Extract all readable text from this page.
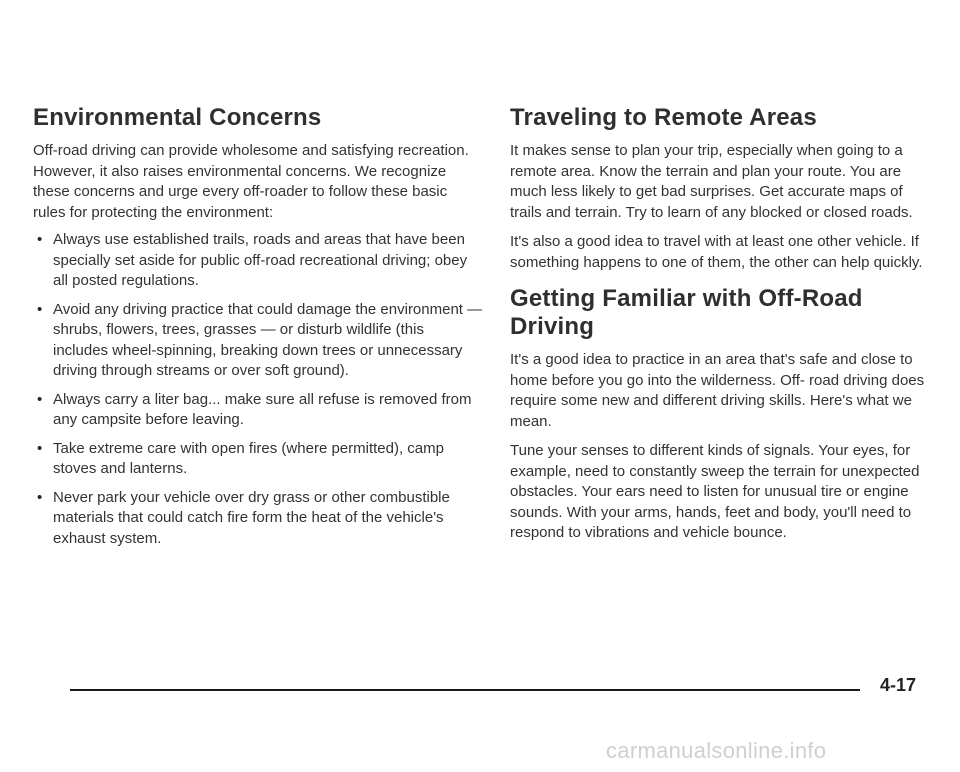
Environmental Concerns

Off-road driving can provide wholesome and satisfying recreation. However, it also raises environmental concerns. We recognize these concerns and urge every off-roader to follow these basic rules for protecting the environment:

• Always use established trails, roads and areas that have been specially set aside for public off-road recreational driving; obey all posted regulations.
• Avoid any driving practice that could damage the environment — shrubs, flowers, trees, grasses — or disturb wildlife (this includes wheel-spinning, breaking down trees or unnecessary driving through streams or over soft ground).
• Always carry a liter bag... make sure all refuse is removed from any campsite before leaving.
• Take extreme care with open fires (where permitted), camp stoves and lanterns.
• Never park your vehicle over dry grass or other combustible materials that could catch fire form the heat of the vehicle's exhaust system.
Traveling to Remote Areas

It makes sense to plan your trip, especially when going to a remote area. Know the terrain and plan your route. You are much less likely to get bad surprises. Get accurate maps of trails and terrain. Try to learn of any blocked or closed roads.

It's also a good idea to travel with at least one other vehicle. If something happens to one of them, the other can help quickly.

Getting Familiar with Off-Road Driving

It's a good idea to practice in an area that's safe and close to home before you go into the wilderness. Off- road driving does require some new and different driving skills. Here's what we mean.

Tune your senses to different kinds of signals. Your eyes, for example, need to constantly sweep the terrain for unexpected obstacles. Your ears need to listen for unusual tire or engine sounds. With your arms, hands, feet and body, you'll need to respond to vibrations and vehicle bounce.

4-17
carmanualsonline.info
